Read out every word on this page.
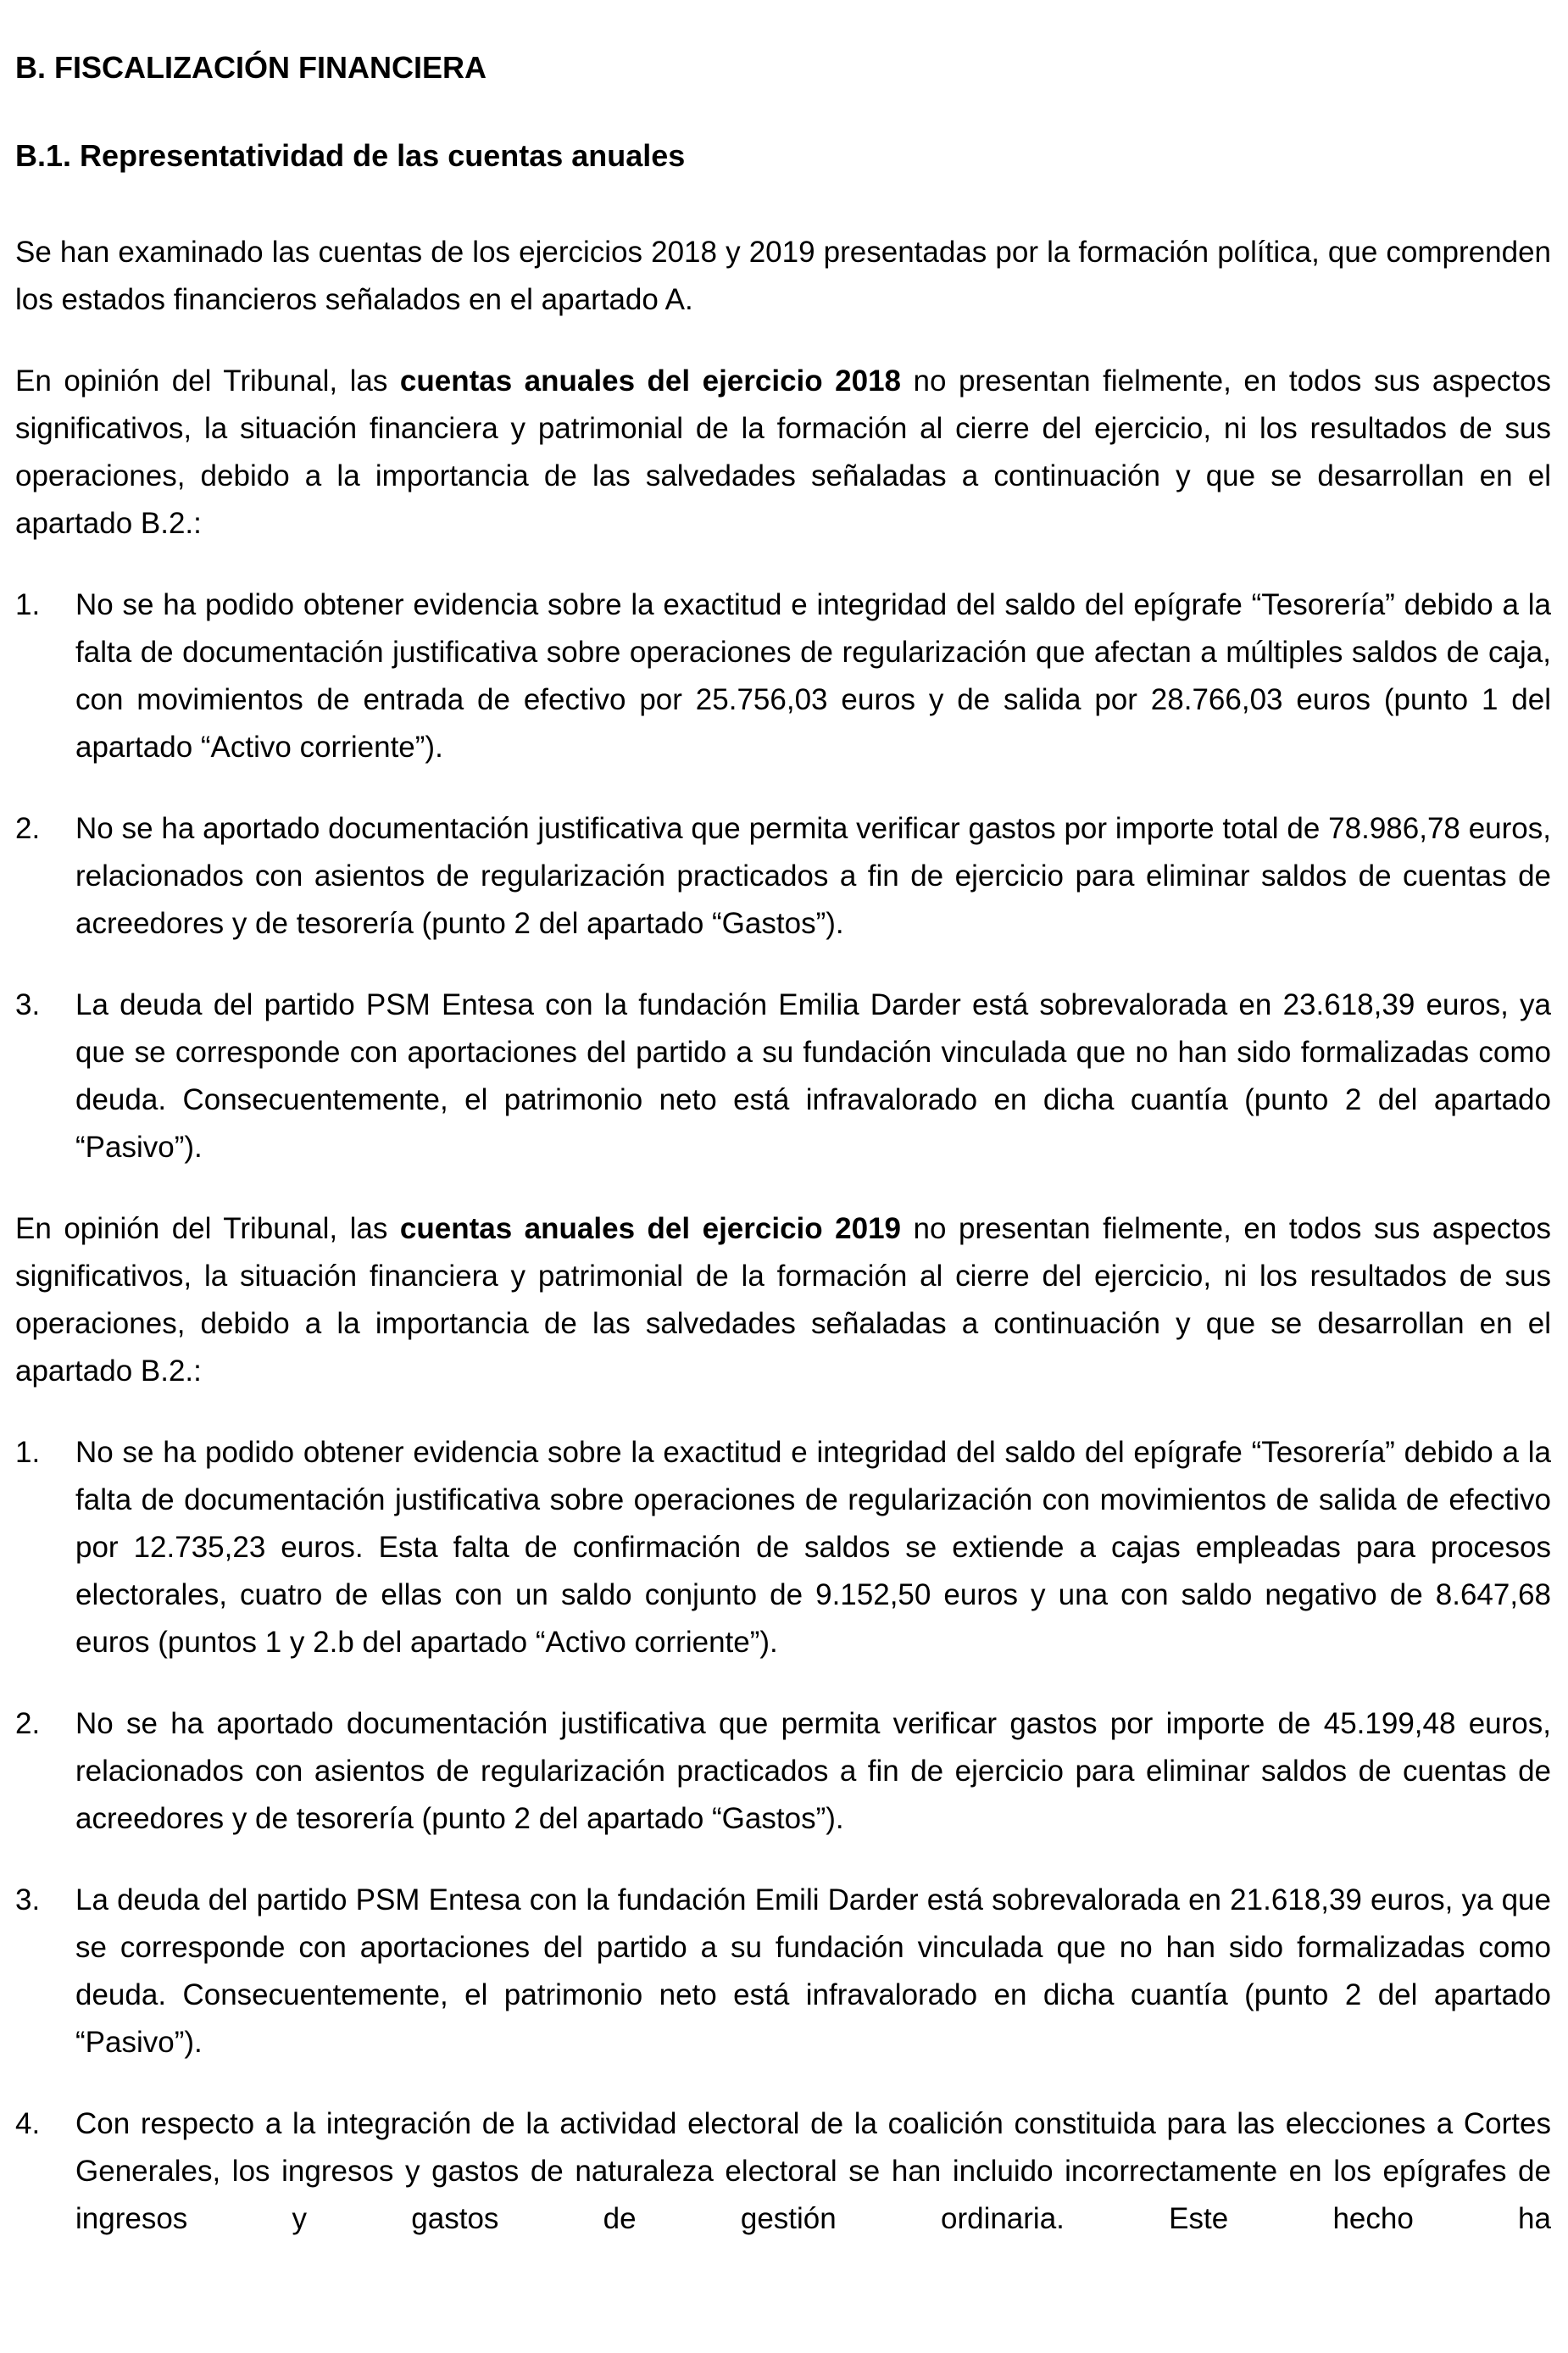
B. FISCALIZACIÓN FINANCIERA
B.1. Representatividad de las cuentas anuales

Se han examinado las cuentas de los ejercicios 2018 y 2019 presentadas por la formación política, que comprenden los estados financieros señalados en el apartado A.

En opinión del Tribunal, las cuentas anuales del ejercicio 2018 no presentan fielmente, en todos sus aspectos significativos, la situación financiera y patrimonial de la formación al cierre del ejercicio, ni los resultados de sus operaciones, debido a la importancia de las salvedades señaladas a continuación y que se desarrollan en el apartado B.2.:

1.	No se ha podido obtener evidencia sobre la exactitud e integridad del saldo del epígrafe “Tesorería” debido a la falta de documentación justificativa sobre operaciones de regularización que afectan a múltiples saldos de caja, con movimientos de entrada de efectivo por 25.756,03 euros y de salida por 28.766,03 euros (punto 1 del apartado “Activo corriente”).
2.	No se ha aportado documentación justificativa que permita verificar gastos por importe total de 78.986,78 euros, relacionados con asientos de regularización practicados a fin de ejercicio para eliminar saldos de cuentas de acreedores y de tesorería (punto 2 del apartado “Gastos”).
3.	La deuda del partido PSM Entesa con la fundación Emilia Darder está sobrevalorada en 23.618,39 euros, ya que se corresponde con aportaciones del partido a su fundación vinculada que no han sido formalizadas como deuda. Consecuentemente, el patrimonio neto está infravalorado en dicha cuantía (punto 2 del apartado “Pasivo”).

En opinión del Tribunal, las cuentas anuales del ejercicio 2019 no presentan fielmente, en todos sus aspectos significativos, la situación financiera y patrimonial de la formación al cierre del ejercicio, ni los resultados de sus operaciones, debido a la importancia de las salvedades señaladas a continuación y que se desarrollan en el apartado B.2.:

1.	No se ha podido obtener evidencia sobre la exactitud e integridad del saldo del epígrafe “Tesorería” debido a la falta de documentación justificativa sobre operaciones de regularización con movimientos de salida de efectivo por 12.735,23 euros. Esta falta de confirmación de saldos se extiende a cajas empleadas para procesos electorales, cuatro de ellas con un saldo conjunto de 9.152,50 euros y una con saldo negativo de 8.647,68 euros (puntos 1 y 2.b del apartado “Activo corriente”).
2.	No se ha aportado documentación justificativa que permita verificar gastos por importe de 45.199,48 euros, relacionados con asientos de regularización practicados a fin de ejercicio para eliminar saldos de cuentas de acreedores y de tesorería (punto 2 del apartado “Gastos”).
3.	La deuda del partido PSM Entesa con la fundación Emili Darder está sobrevalorada en 21.618,39 euros, ya que se corresponde con aportaciones del partido a su fundación vinculada que no han sido formalizadas como deuda. Consecuentemente, el patrimonio neto está infravalorado en dicha cuantía (punto 2 del apartado “Pasivo”).
4.	Con respecto a la integración de la actividad electoral de la coalición constituida para las elecciones a Cortes Generales, los ingresos y gastos de naturaleza electoral se han incluido incorrectamente en los epígrafes de ingresos y gastos de gestión ordinaria. Este hecho ha
